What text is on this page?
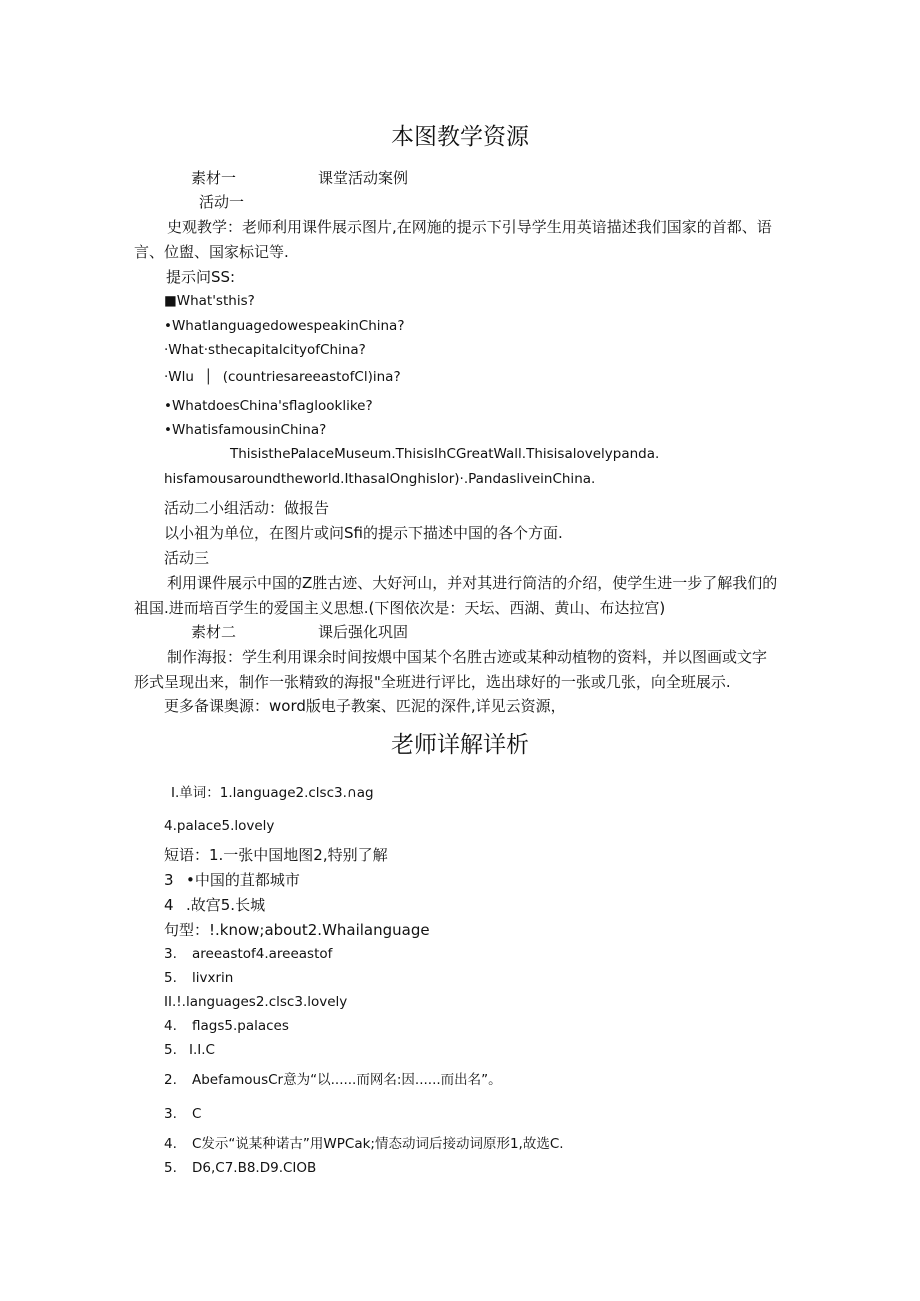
本图教学资源
素材一	课堂活动案例
活动一
史观教学：老师利用课件展示图片,在网施的提示下引导学生用英谙描述我们国家的首都、语
言、位盥、国家标记等.
提示问SS:
■What'sthis?
•WhatlanguagedowespeakinChina?
·What·sthecapitalcityofChina?
·Wlu │ (countriesareeastofCl)ina?
•WhatdoesChina'sflaglooklike?
•WhatisfamousinChina?
ThisisthePalaceMuseum.ThisisIhCGreatWall.Thisisalovelypanda.
hisfamousaroundtheworld.IthasalOnghislor)·.PandasliveinChina.
活动二小组活动：做报告
以小祖为单位，在图片或问Sfi的提示下描述中国的各个方面.
活动三
利用课件展示中国的Z胜古迹、大好河山，并对其进行筒洁的介绍，使学生进一步了解我们的
祖国.进而培百学生的爱国主义思想.(下图依次是：天坛、西湖、黄山、布达拉宫)
素材二	课后强化巩固
制作海报：学生利用课余时间按煨中国某个名胜古迹或某种动植物的资料，并以图画或文字
形式呈现出来，制作一张精致的海报"全班进行评比，选出球好的一张或几张，向全班展示.
更多备课奥源：word版电子教案、匹泥的深件,详见云资源，
老师详解详析
I.单词：1.language2.clsc3.∩ag
4.palace5.lovely
短语：1.一张中国地图2,特别了解
3 •中国的苴都城市
4 .故宫5.长城
句型：!.know;about2.Whailanguage
3. areeastof4.areeastof
5. livxrin
II.!.languages2.clsc3.lovely
4. flags5.palaces
5. I.I.C
2. AbefamousCr意为“以......而网名:因......而出名”。
3. C
4. C发示“说某种诺古”用WPCak;情态动词后接动词原形1,故选C.
5. D6,C7.B8.D9.CIOB
